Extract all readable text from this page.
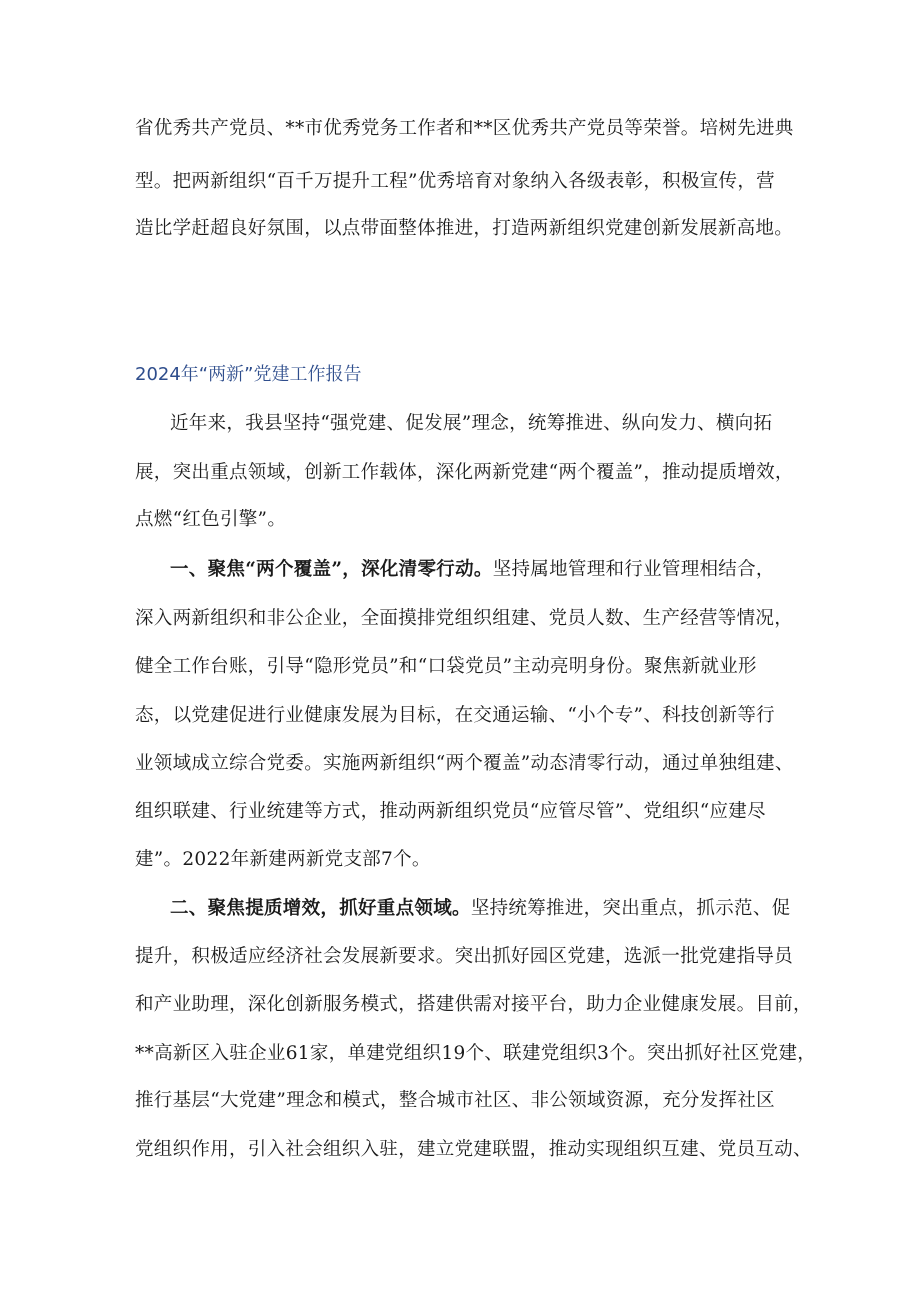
省优秀共产党员、**市优秀党务工作者和**区优秀共产党员等荣誉。培树先进典
型。把两新组织“百千万提升工程”优秀培育对象纳入各级表彰，积极宣传，营
造比学赶超良好氛围，以点带面整体推进，打造两新组织党建创新发展新高地。
2024年“两新”党建工作报告
近年来，我县坚持“强党建、促发展”理念，统筹推进、纵向发力、横向拓
展，突出重点领域，创新工作载体，深化两新党建“两个覆盖”，推动提质增效，
点燃“红色引擎”。
一、聚焦“两个覆盖”，深化清零行动。坚持属地管理和行业管理相结合，
深入两新组织和非公企业，全面摸排党组织组建、党员人数、生产经营等情况，
健全工作台账，引导“隐形党员”和“口袋党员”主动亮明身份。聚焦新就业形
态，以党建促进行业健康发展为目标，在交通运输、“小个专”、科技创新等行
业领域成立综合党委。实施两新组织“两个覆盖”动态清零行动，通过单独组建、
组织联建、行业统建等方式，推动两新组织党员“应管尽管”、党组织“应建尽
建”。2022年新建两新党支部7个。
二、聚焦提质增效，抓好重点领域。坚持统筹推进，突出重点，抓示范、促
提升，积极适应经济社会发展新要求。突出抓好园区党建，选派一批党建指导员
和产业助理，深化创新服务模式，搭建供需对接平台，助力企业健康发展。目前，
**高新区入驻企业61家，单建党组织19个、联建党组织3个。突出抓好社区党建，
推行基层“大党建”理念和模式，整合城市社区、非公领域资源，充分发挥社区
党组织作用，引入社会组织入驻，建立党建联盟，推动实现组织互建、党员互动、
